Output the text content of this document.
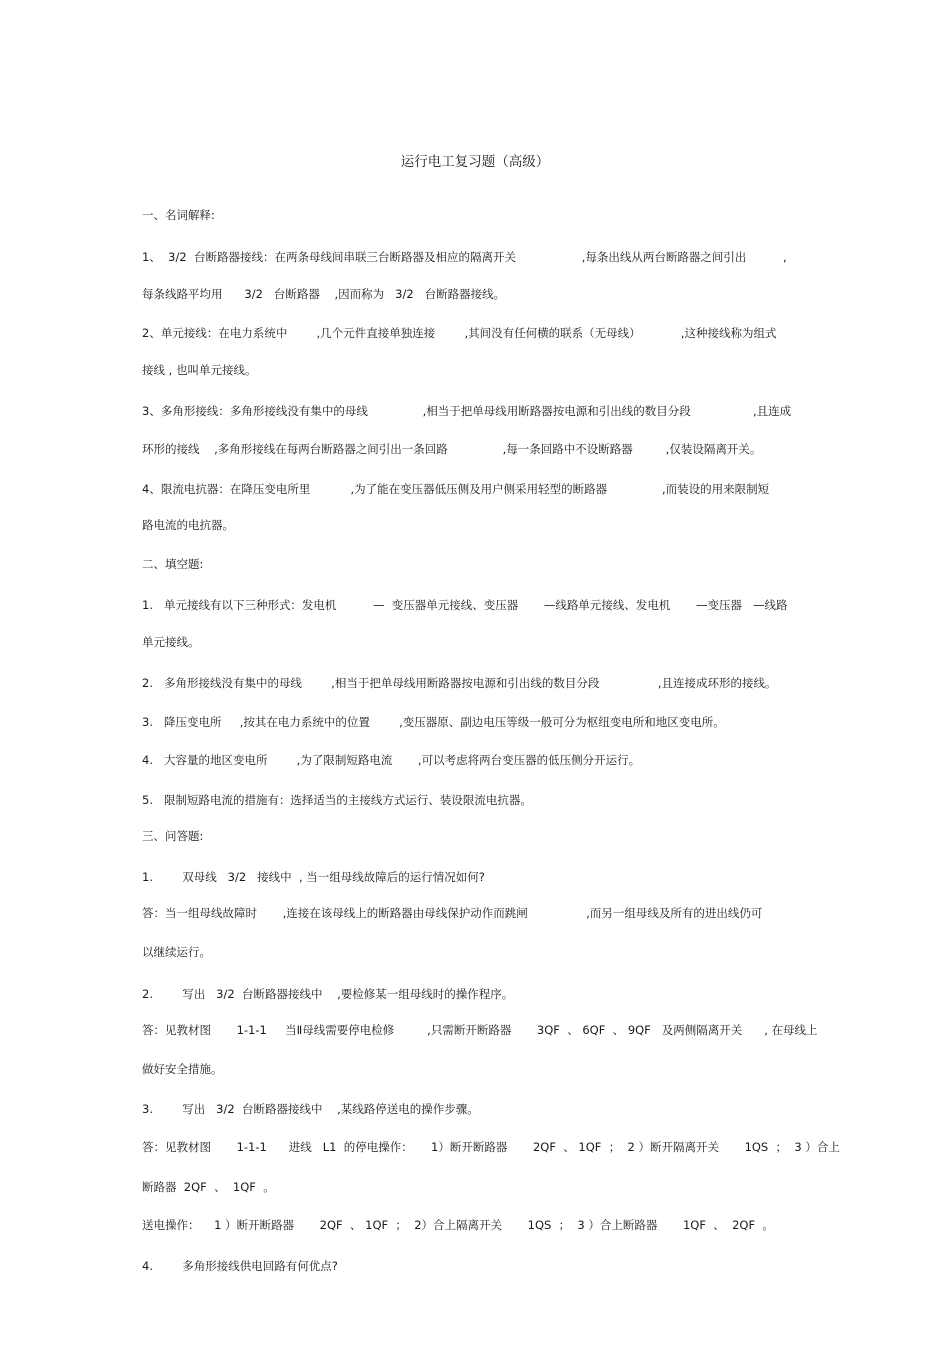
运行电工复习题（高级）
一、名词解释:
1、  3/2  台断路器接线：在两条母线间串联三台断路器及相应的隔离开关                  ,每条出线从两台断路器之间引出          ,
每条线路平均用      3/2   台断路器    ,因而称为   3/2   台断路器接线。
2、单元接线：在电力系统中        ,几个元件直接单独连接        ,其间没有任何横的联系（无母线）           ,这种接线称为组式
接线 , 也叫单元接线。
3、多角形接线：多角形接线没有集中的母线               ,相当于把单母线用断路器按电源和引出线的数目分段                 ,且连成
环形的接线    ,多角形接线在每两台断路器之间引出一条回路               ,每一条回路中不设断路器         ,仅装设隔离开关。
4、限流电抗器：在降压变电所里           ,为了能在变压器低压侧及用户侧采用轻型的断路器               ,而装设的用来限制短
路电流的电抗器。
二、填空题:
1.   单元接线有以下三种形式：发电机          —  变压器单元接线、变压器       —线路单元接线、发电机       —变压器   —线路
单元接线。
2.   多角形接线没有集中的母线        ,相当于把单母线用断路器按电源和引出线的数目分段                ,且连接成环形的接线。
3.   降压变电所     ,按其在电力系统中的位置        ,变压器原、副边电压等级一般可分为枢纽变电所和地区变电所。
4.   大容量的地区变电所        ,为了限制短路电流       ,可以考虑将两台变压器的低压侧分开运行。
5.   限制短路电流的措施有：选择适当的主接线方式运行、装设限流电抗器。
三、问答题:
1.        双母线   3/2   接线中  , 当一组母线故障后的运行情况如何?
答：当一组母线故障时       ,连接在该母线上的断路器由母线保护动作而跳闸                ,而另一组母线及所有的进出线仍可
以继续运行。
2.        写出   3/2  台断路器接线中    ,要检修某一组母线时的操作程序。
答：见教材图       1-1-1     当Ⅱ母线需要停电检修         ,只需断开断路器       3QF  、 6QF  、 9QF   及两侧隔离开关      , 在母线上
做好安全措施。
3.        写出   3/2  台断路器接线中    ,某线路停送电的操作步骤。
答：见教材图       1-1-1      进线   L1  的停电操作：     1）断开断路器       2QF  、 1QF  ；  2 ）断开隔离开关       1QS  ；  3 ）合上
断路器  2QF  、  1QF  。
送电操作：    1 ）断开断路器       2QF  、 1QF  ；  2）合上隔离开关       1QS  ；  3 ）合上断路器       1QF  、  2QF  。
4.        多角形接线供电回路有何优点?
